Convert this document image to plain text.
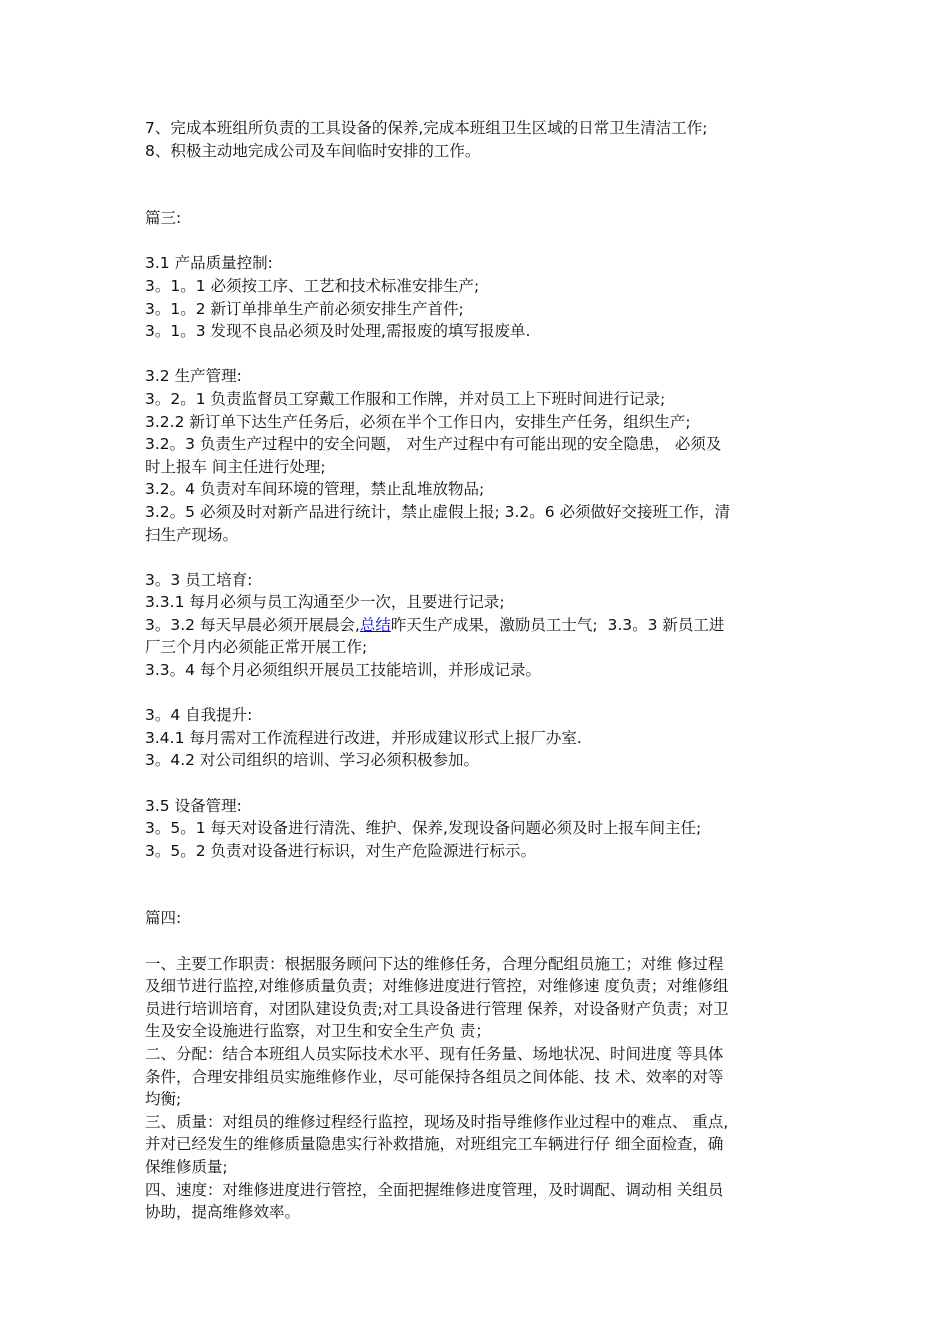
7、完成本班组所负责的工具设备的保养,完成本班组卫生区域的日常卫生清洁工作;
8、积极主动地完成公司及车间临时安排的工作。
篇三:
3.1 产品质量控制:
3。1。1 必须按工序、工艺和技术标准安排生产;
3。1。2 新订单排单生产前必须安排生产首件;
3。1。3 发现不良品必须及时处理,需报废的填写报废单.
3.2 生产管理:
3。2。1 负责监督员工穿戴工作服和工作牌，并对员工上下班时间进行记录;
3.2.2 新订单下达生产任务后，必须在半个工作日内，安排生产任务，组织生产;
3.2。3 负责生产过程中的安全问题， 对生产过程中有可能出现的安全隐患， 必须及
时上报车 间主任进行处理;
3.2。4 负责对车间环境的管理，禁止乱堆放物品;
3.2。5 必须及时对新产品进行统计，禁止虚假上报; 3.2。6 必须做好交接班工作，清
扫生产现场。
3。3 员工培育:
3.3.1 每月必须与员工沟通至少一次，且要进行记录;
3。3.2 每天早晨必须开展晨会,总结昨天生产成果，激励员工士气;  3.3。3 新员工进
厂三个月内必须能正常开展工作;
3.3。4 每个月必须组织开展员工技能培训，并形成记录。
3。4 自我提升:
3.4.1 每月需对工作流程进行改进，并形成建议形式上报厂办室.
3。4.2 对公司组织的培训、学习必须积极参加。
3.5 设备管理:
3。5。1 每天对设备进行清洗、维护、保养,发现设备问题必须及时上报车间主任;
3。5。2 负责对设备进行标识，对生产危险源进行标示。
篇四:
一、主要工作职责：根据服务顾问下达的维修任务，合理分配组员施工；对维 修过程
及细节进行监控,对维修质量负责；对维修进度进行管控，对维修速 度负责；对维修组
员进行培训培育，对团队建设负责;对工具设备进行管理 保养，对设备财产负责；对卫
生及安全设施进行监察，对卫生和安全生产负 责；
二、分配：结合本班组人员实际技术水平、现有任务量、场地状况、时间进度 等具体
条件，合理安排组员实施维修作业，尽可能保持各组员之间体能、技 术、效率的对等
均衡;
三、质量：对组员的维修过程经行监控，现场及时指导维修作业过程中的难点、 重点,
并对已经发生的维修质量隐患实行补救措施，对班组完工车辆进行仔 细全面检查，确
保维修质量;
四、速度：对维修进度进行管控，全面把握维修进度管理，及时调配、调动相 关组员
协助，提高维修效率。
